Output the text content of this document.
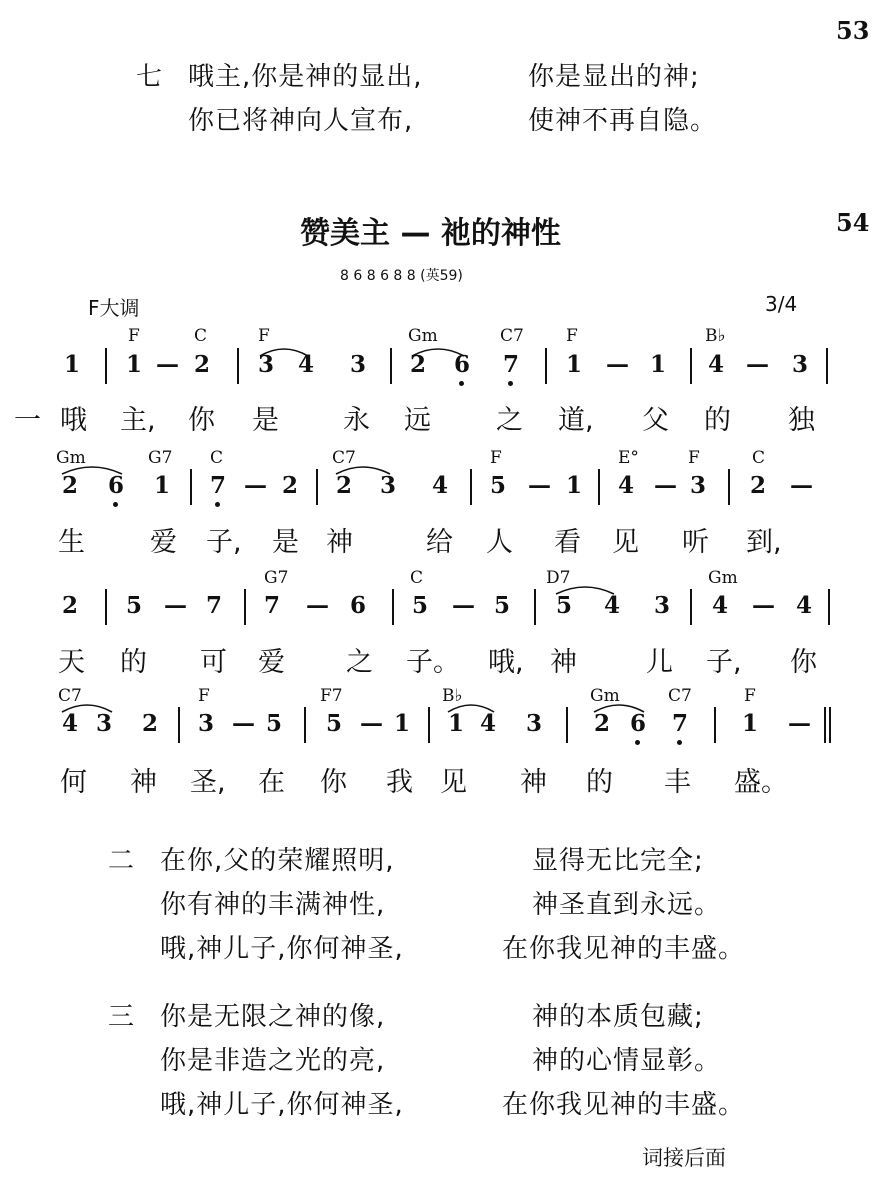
53
七 哦主,你是神的显出,	你是显出的神;
你已将神向人宣布,	使神不再自隐。
赞美主 — 祂的神性	54
8 6 8 6 8 8 (英59)
F大调	3/4
F	C	F	Gm	C7 F	B♭
1 1 — 2 3 4 3 2 6 7 1 — 1 4 — 3
一 哦 主, 你 是 永 远 之 道, 父 的 独
Gm	G7 C	C7	F	E°	F	C
2 6 1 7 — 2 2 3 4 5 — 1 4 — 3 2 —
生 爱 子, 是 神	给 人 看 见 听 到,
G7	C	D7	Gm
2 5 — 7 7 — 6 5 — 5 5 4 3 4 — 4
天 的 可 爱 之 子。 哦, 神	儿 子, 你
C7	F	F7	B♭	Gm	C7	F
4 3 2 3 — 5 5 — 1 1 4 3 2 6 7 1 —
何 神 圣, 在 你 我 见 神 的 丰 盛。
二 在你,父的荣耀照明,	显得无比完全;
你有神的丰满神性,	神圣直到永远。
哦,神儿子,你何神圣,	在你我见神的丰盛。
三 你是无限之神的像,	神的本质包藏;
你是非造之光的亮,	神的心情显彰。
哦,神儿子,你何神圣,	在你我见神的丰盛。
词接后面
